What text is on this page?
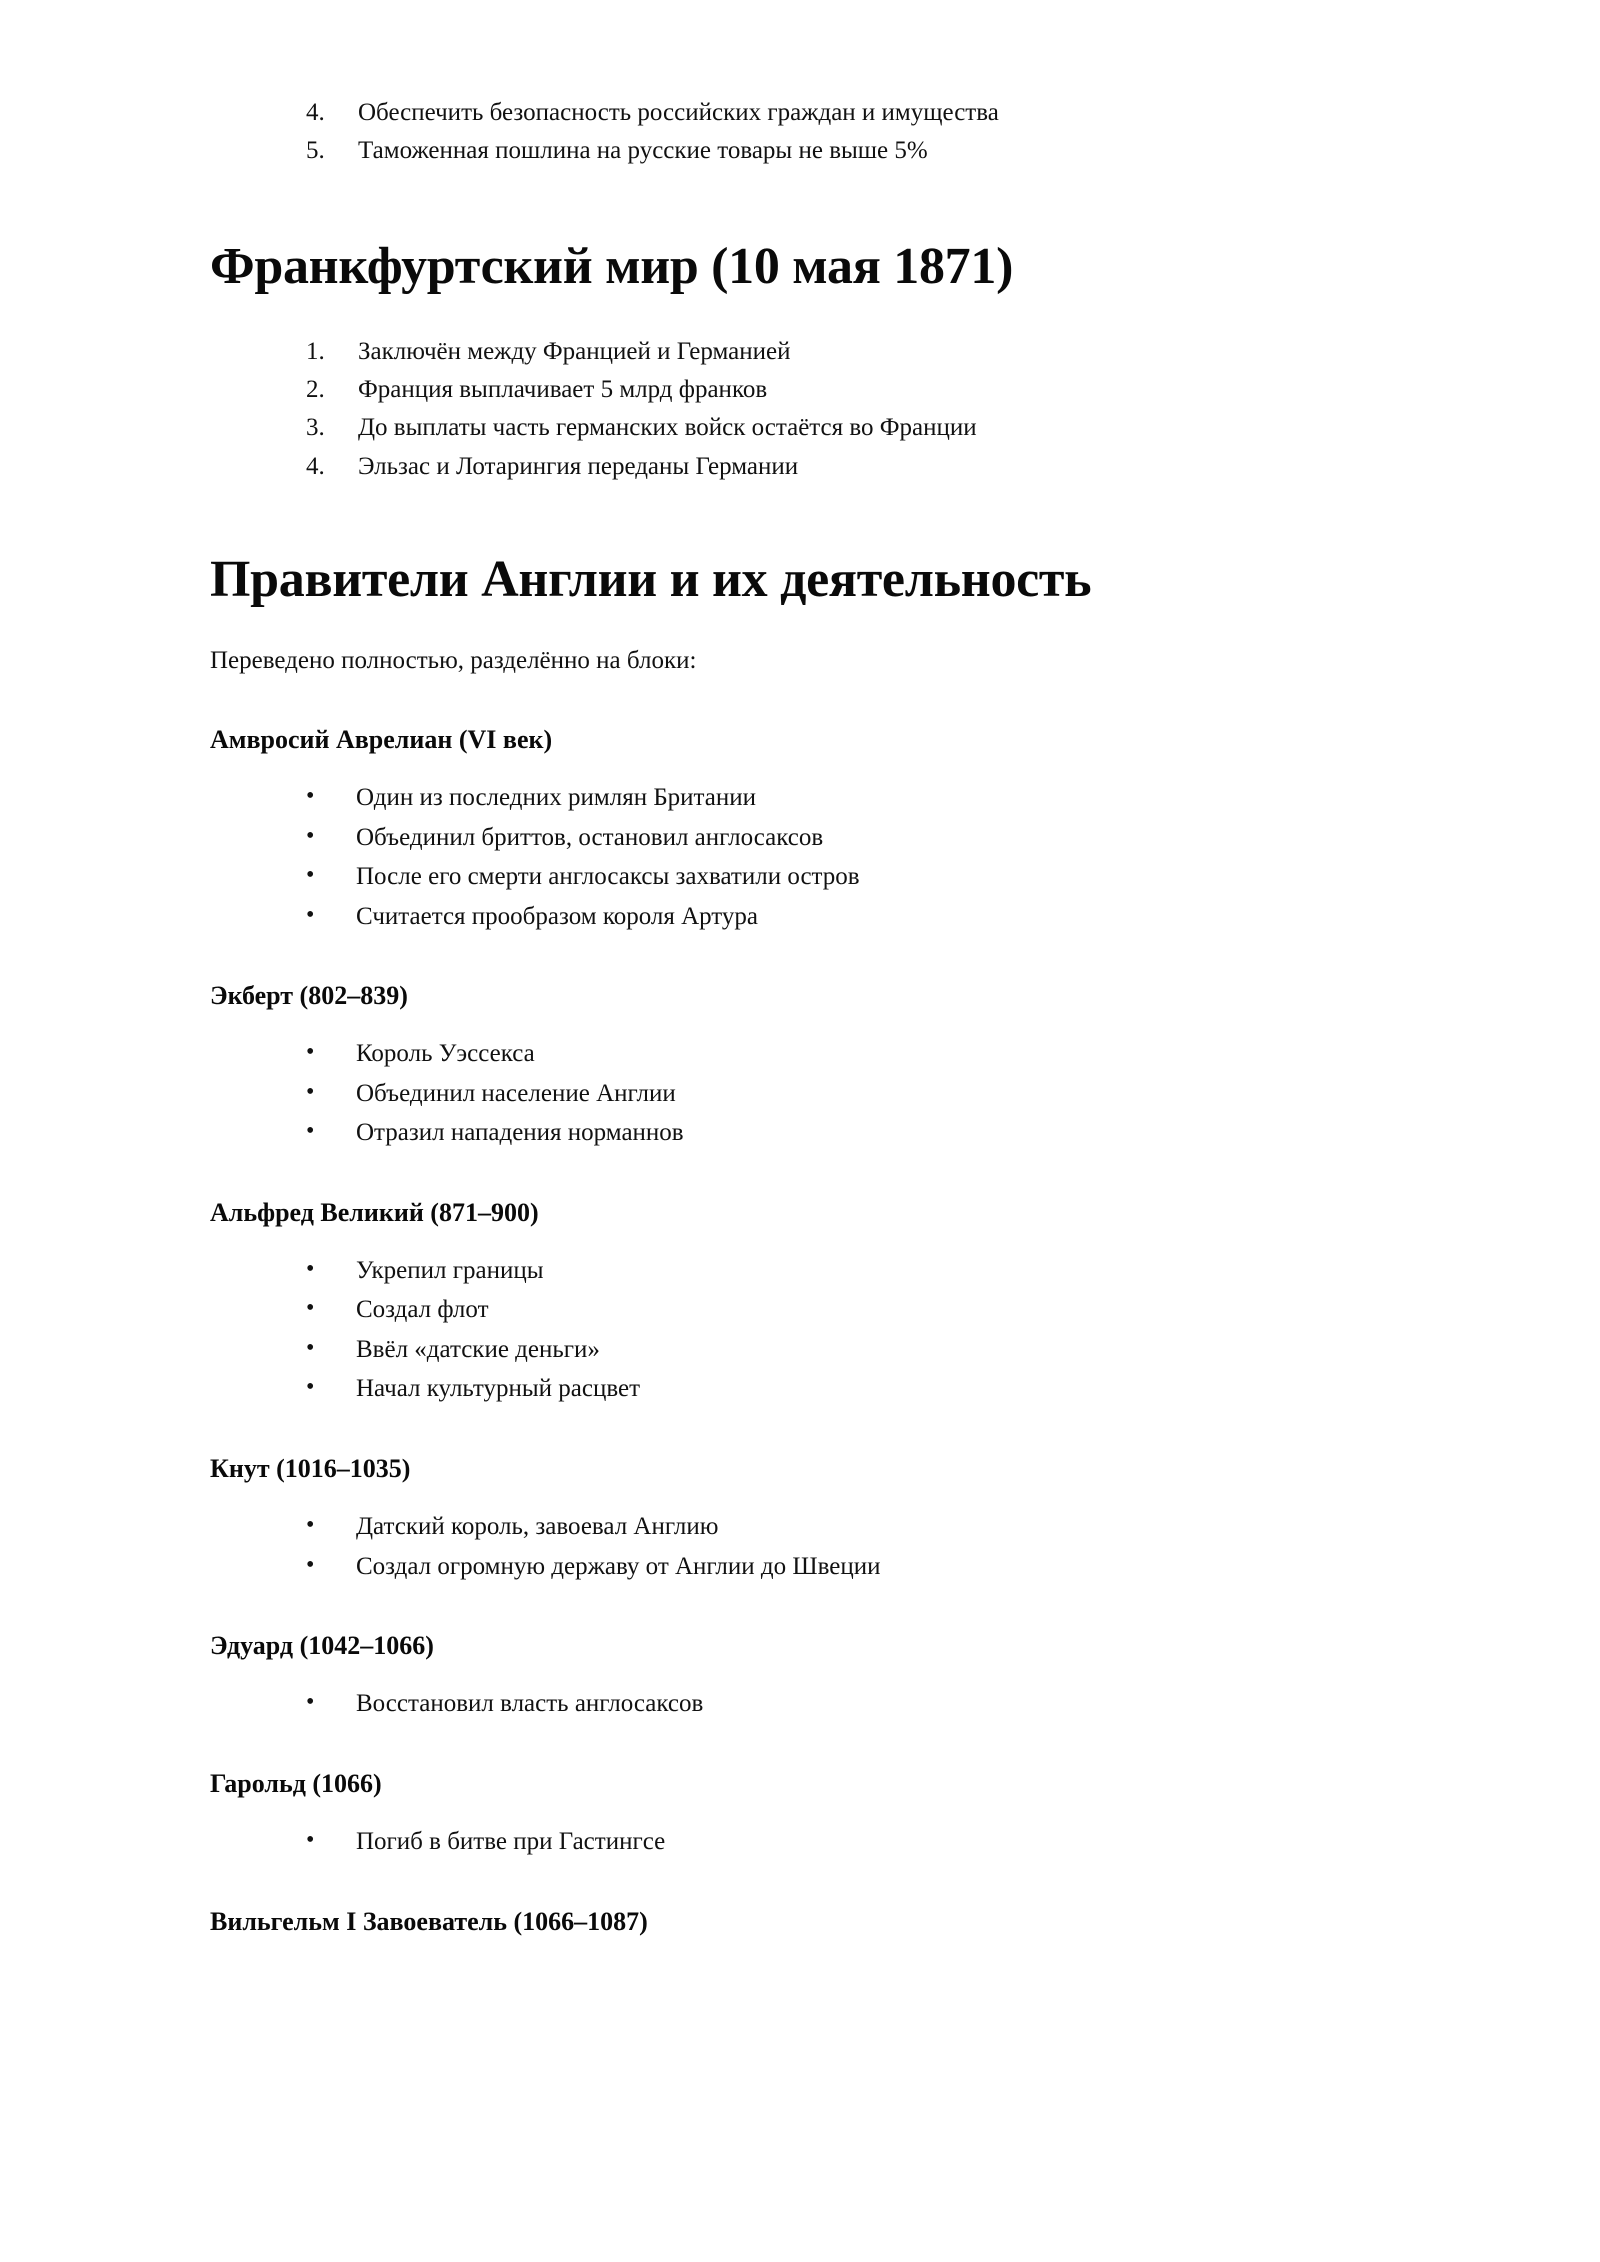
Обеспечить безопасность российских граждан и имущества
Таможенная пошлина на русские товары не выше 5%
Франкфуртский мир (10 мая 1871)
Заключён между Францией и Германией
Франция выплачивает 5 млрд франков
До выплаты часть германских войск остаётся во Франции
Эльзас и Лотарингия переданы Германии
Правители Англии и их деятельность

Переведено полностью, разделённо на блоки:

Амвросий Аврелиан (VI век)
• Один из последних римлян Британии
• Объединил бриттов, остановил англосаксов
• После его смерти англосаксы захватили остров
• Считается прообразом короля Артура
Экберт (802–839)
• Король Уэссекса
• Объединил население Англии
• Отразил нападения норманнов
Альфред Великий (871–900)
• Укрепил границы
• Создал флот
• Ввёл «датские деньги»
• Начал культурный расцвет
Кнут (1016–1035)
• Датский король, завоевал Англию
• Создал огромную державу от Англии до Швеции
Эдуард (1042–1066)
• Восстановил власть англосаксов
Гарольд (1066)
• Погиб в битве при Гастингсе
Вильгельм I Завоеватель (1066–1087)
